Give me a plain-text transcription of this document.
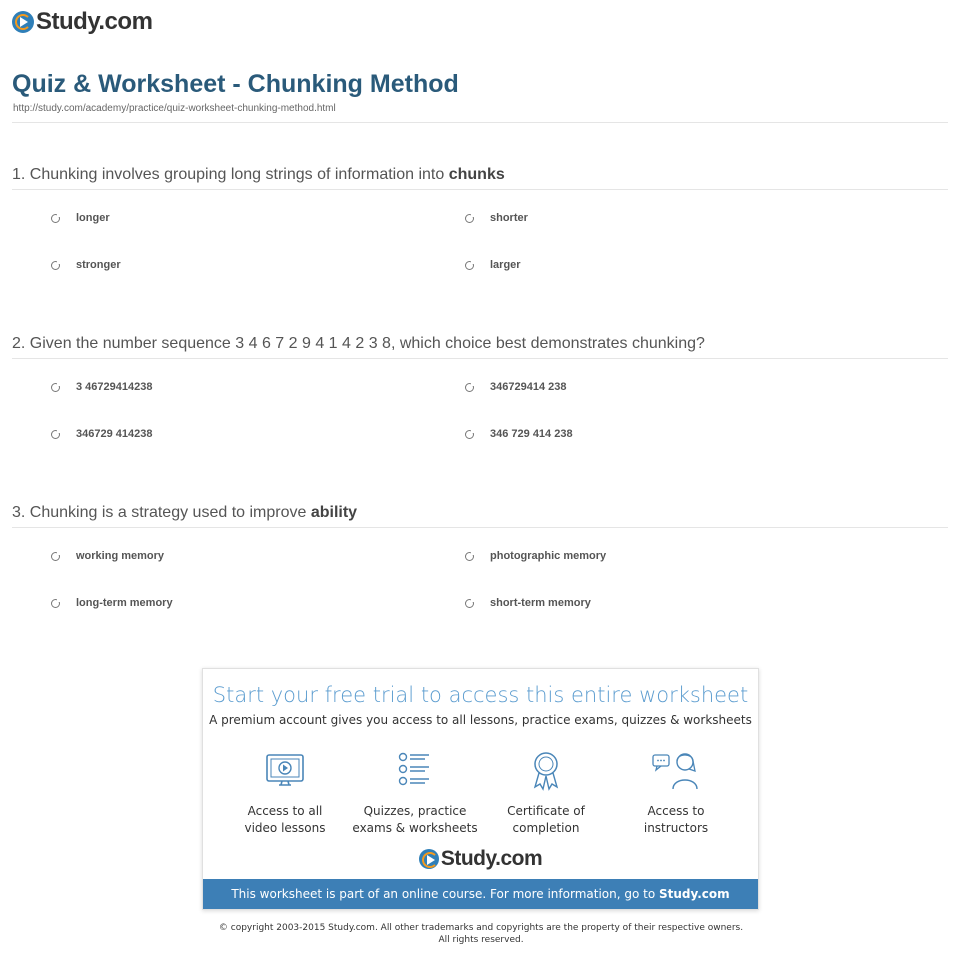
Study.com
Quiz & Worksheet - Chunking Method
http://study.com/academy/practice/quiz-worksheet-chunking-method.html
1. Chunking involves grouping long strings of information into chunks
longer	shorter
stronger	larger
2. Given the number sequence 3 4 6 7 2 9 4 1 4 2 3 8, which choice best demonstrates chunking?
3 46729414238	346729414 238
346729 414238	346 729 414 238
3. Chunking is a strategy used to improve ability
working memory	photographic memory
long-term memory	short-term memory
Start your free trial to access this entire worksheet
A premium account gives you access to all lessons, practice exams, quizzes & worksheets
Access to all
video lessons
Quizzes, practice
exams & worksheets
Certificate of
completion
Access to
instructors
Study.com
This worksheet is part of an online course. For more information, go to Study.com
© copyright 2003-2015 Study.com. All other trademarks and copyrights are the property of their respective owners.
All rights reserved.
